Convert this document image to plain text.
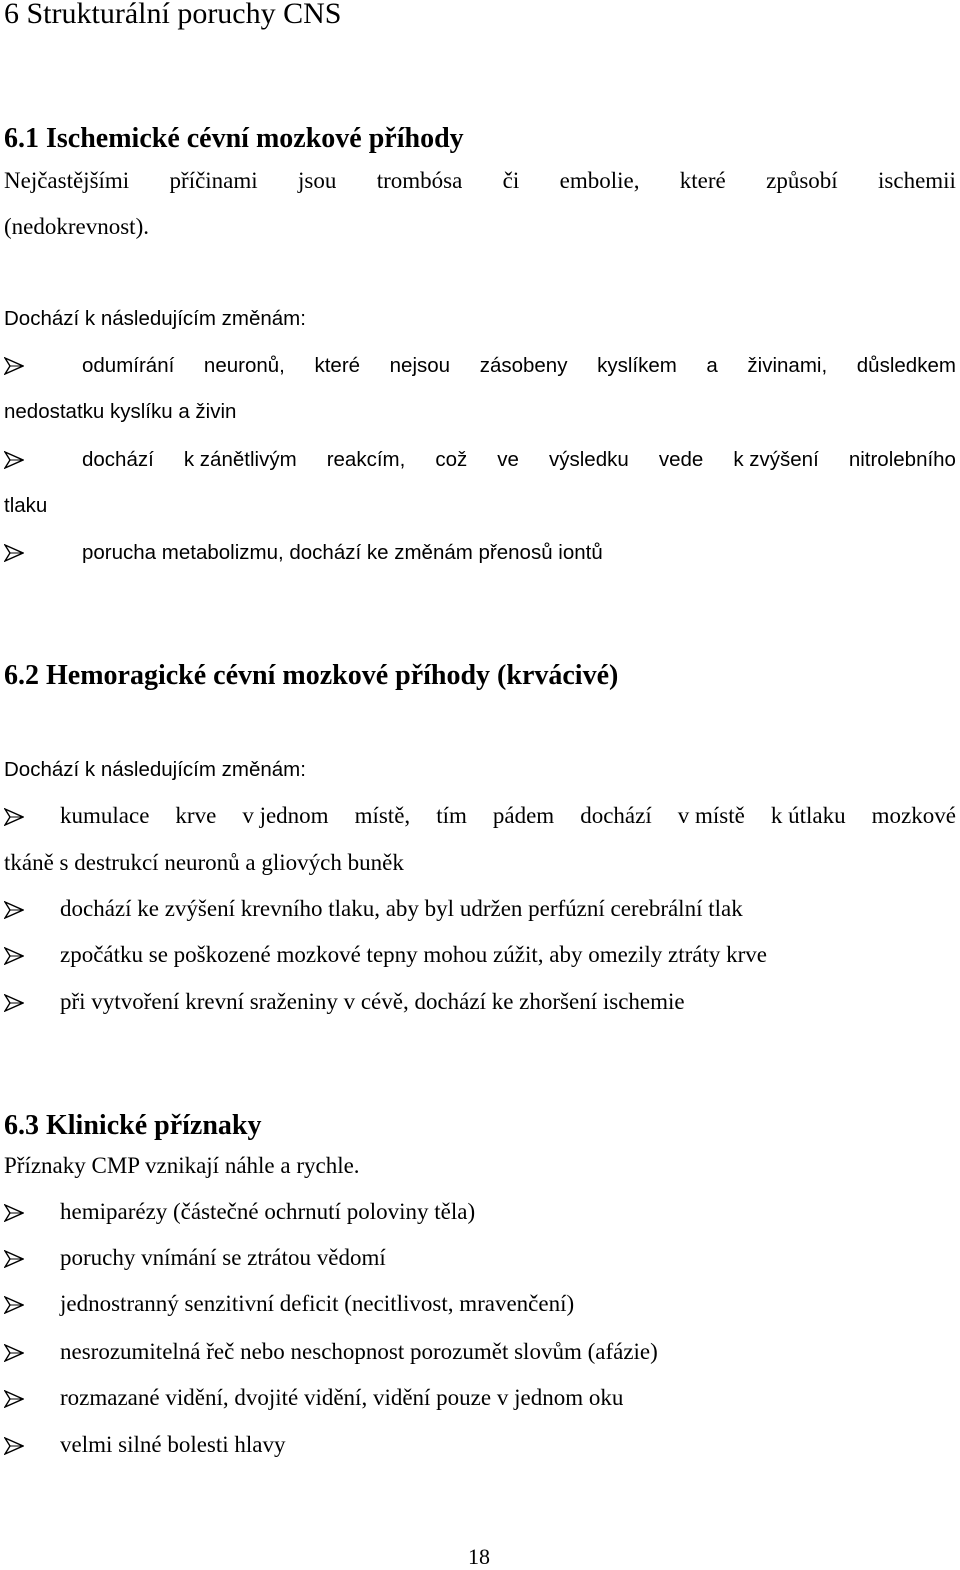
6 Strukturální poruchy CNS
6.1 Ischemické cévní mozkové příhody
Nejčastějšími příčinami jsou trombósa či embolie, které způsobí ischemii
(nedokrevnost).
Dochází k následujícím změnám:
odumírání neuronů, které nejsou zásobeny kyslíkem a živinami, důsledkem
nedostatku kyslíku a živin
dochází k zánětlivým reakcím, což ve výsledku vede k zvýšení nitrolebního
tlaku
porucha metabolizmu, dochází ke změnám přenosů iontů
6.2 Hemoragické cévní mozkové příhody (krvácivé)
Dochází k následujícím změnám:
kumulace krve v jednom místě, tím pádem dochází v místě k útlaku mozkové
tkáně s destrukcí neuronů a gliových buněk
dochází ke zvýšení krevního tlaku, aby byl udržen perfúzní cerebrální tlak
zpočátku se poškozené mozkové tepny mohou zúžit, aby omezily ztráty krve
při vytvoření krevní sraženiny v cévě, dochází ke zhoršení ischemie
6.3 Klinické příznaky
Příznaky CMP vznikají náhle a rychle.
hemiparézy (částečné ochrnutí poloviny těla)
poruchy vnímání se ztrátou vědomí
jednostranný senzitivní deficit (necitlivost, mravenčení)
nesrozumitelná řeč nebo neschopnost porozumět slovům (afázie)
rozmazané vidění, dvojité vidění, vidění pouze v jednom oku
velmi silné bolesti hlavy
18
